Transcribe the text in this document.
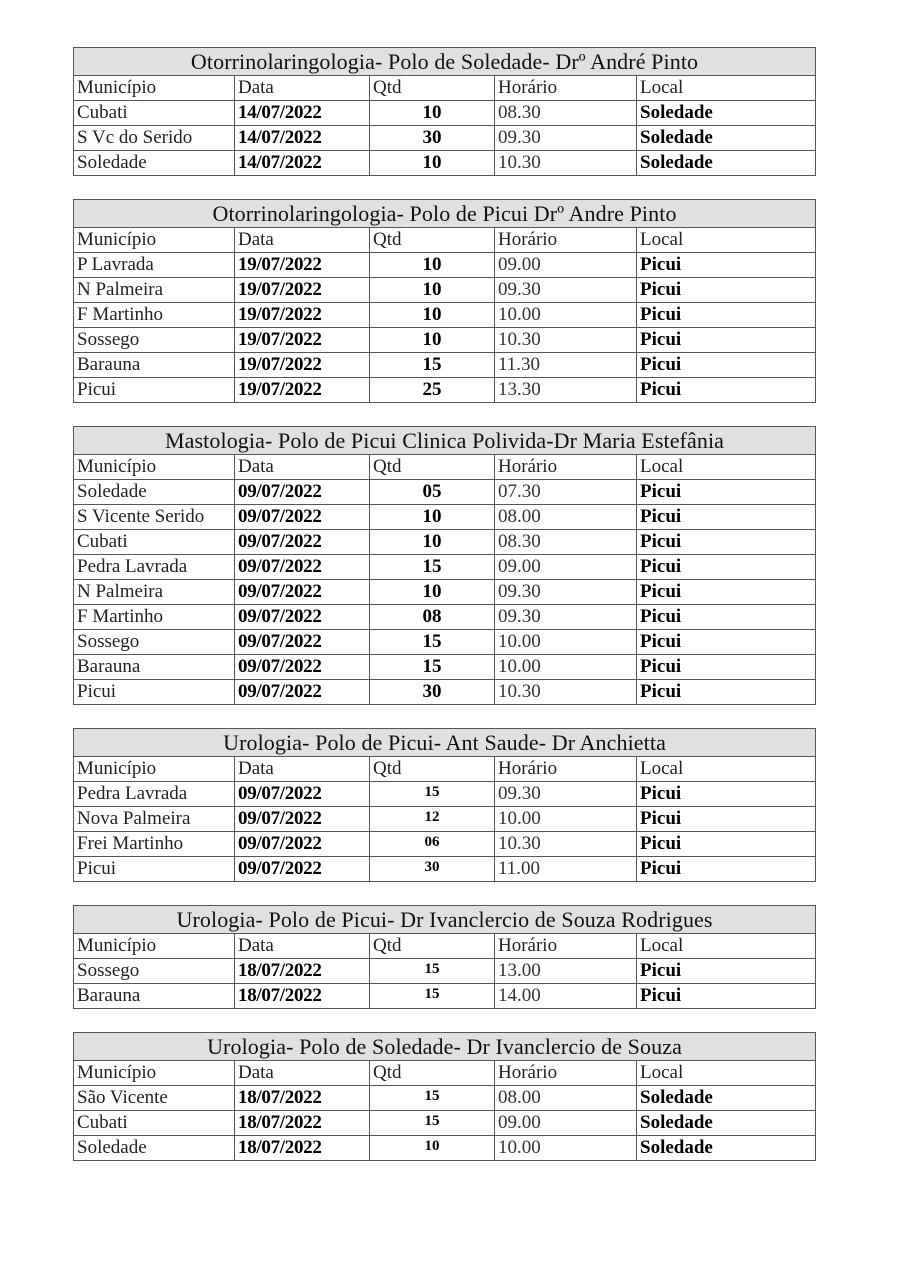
Otorrinolaringologia- Polo de Soledade- Drº André Pinto				
Município	Data	Qtd	Horário	Local
Cubati	14/07/2022	10	08.30	Soledade
S Vc do Serido	14/07/2022	30	09.30	Soledade
Soledade	14/07/2022	10	10.30	Soledade
Otorrinolaringologia- Polo de Picui Drº Andre Pinto				
Município	Data	Qtd	Horário	Local
P Lavrada	19/07/2022	10	09.00	Picui
N Palmeira	19/07/2022	10	09.30	Picui
F Martinho	19/07/2022	10	10.00	Picui
Sossego	19/07/2022	10	10.30	Picui
Barauna	19/07/2022	15	11.30	Picui
Picui	19/07/2022	25	13.30	Picui
Mastologia- Polo de Picui Clinica Polivida-Dr Maria Estefânia				
Município	Data	Qtd	Horário	Local
Soledade	09/07/2022	05	07.30	Picui
S Vicente Serido	09/07/2022	10	08.00	Picui
Cubati	09/07/2022	10	08.30	Picui
Pedra Lavrada	09/07/2022	15	09.00	Picui
N Palmeira	09/07/2022	10	09.30	Picui
F Martinho	09/07/2022	08	09.30	Picui
Sossego	09/07/2022	15	10.00	Picui
Barauna	09/07/2022	15	10.00	Picui
Picui	09/07/2022	30	10.30	Picui
Urologia- Polo de Picui- Ant Saude- Dr Anchietta				
Município	Data	Qtd	Horário	Local
Pedra Lavrada	09/07/2022	15	09.30	Picui
Nova Palmeira	09/07/2022	12	10.00	Picui
Frei Martinho	09/07/2022	06	10.30	Picui
Picui	09/07/2022	30	11.00	Picui
Urologia- Polo de Picui- Dr Ivanclercio de Souza Rodrigues				
Município	Data	Qtd	Horário	Local
Sossego	18/07/2022	15	13.00	Picui
Barauna	18/07/2022	15	14.00	Picui
Urologia- Polo de Soledade- Dr Ivanclercio de Souza				
Município	Data	Qtd	Horário	Local
São Vicente	18/07/2022	15	08.00	Soledade
Cubati	18/07/2022	15	09.00	Soledade
Soledade	18/07/2022	10	10.00	Soledade
